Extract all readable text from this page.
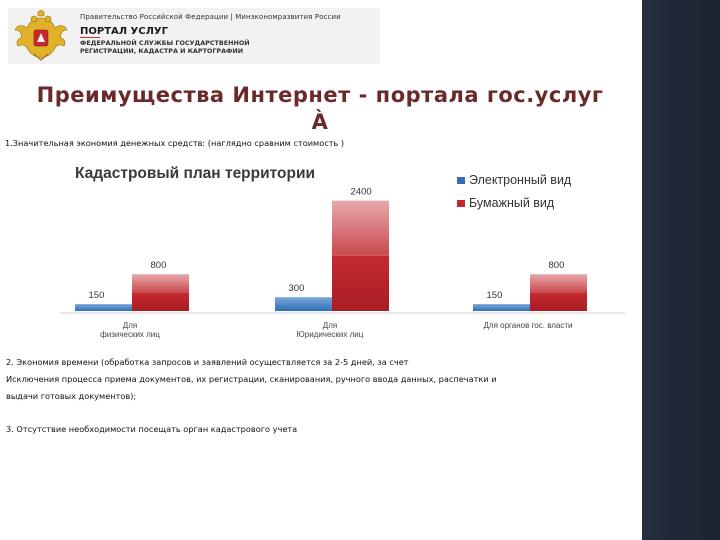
Правительство Российской Федерации | Минэкономразвития России
ПОРТАЛ УСЛУГ
ФЕДЕРАЛЬНОЙ СЛУЖБЫ ГОСУДАРСТВЕННОЙ
РЕГИСТРАЦИИ, КАДАСТРА И КАРТОГРАФИИ
Преимущества Интернет - портала гос.услуг
À
1.Значительная экономия денежных средств: (наглядно сравним стоимость )
Кадастровый план территории	Электронный вид
Бумажный вид
150
800
300
2400
150
800
Для
физических лиц
Для
Юридических лиц
Для органов гос. власти
2. Экономия времени (обработка запросов и заявлений осуществляется за 2-5 дней, за счет
Исключения процесса приема документов, их регистрации, сканирования, ручного ввода данных, распечатки и
выдачи готовых документов);
3. Отсутствие необходимости посещать орган кадастрового учета
